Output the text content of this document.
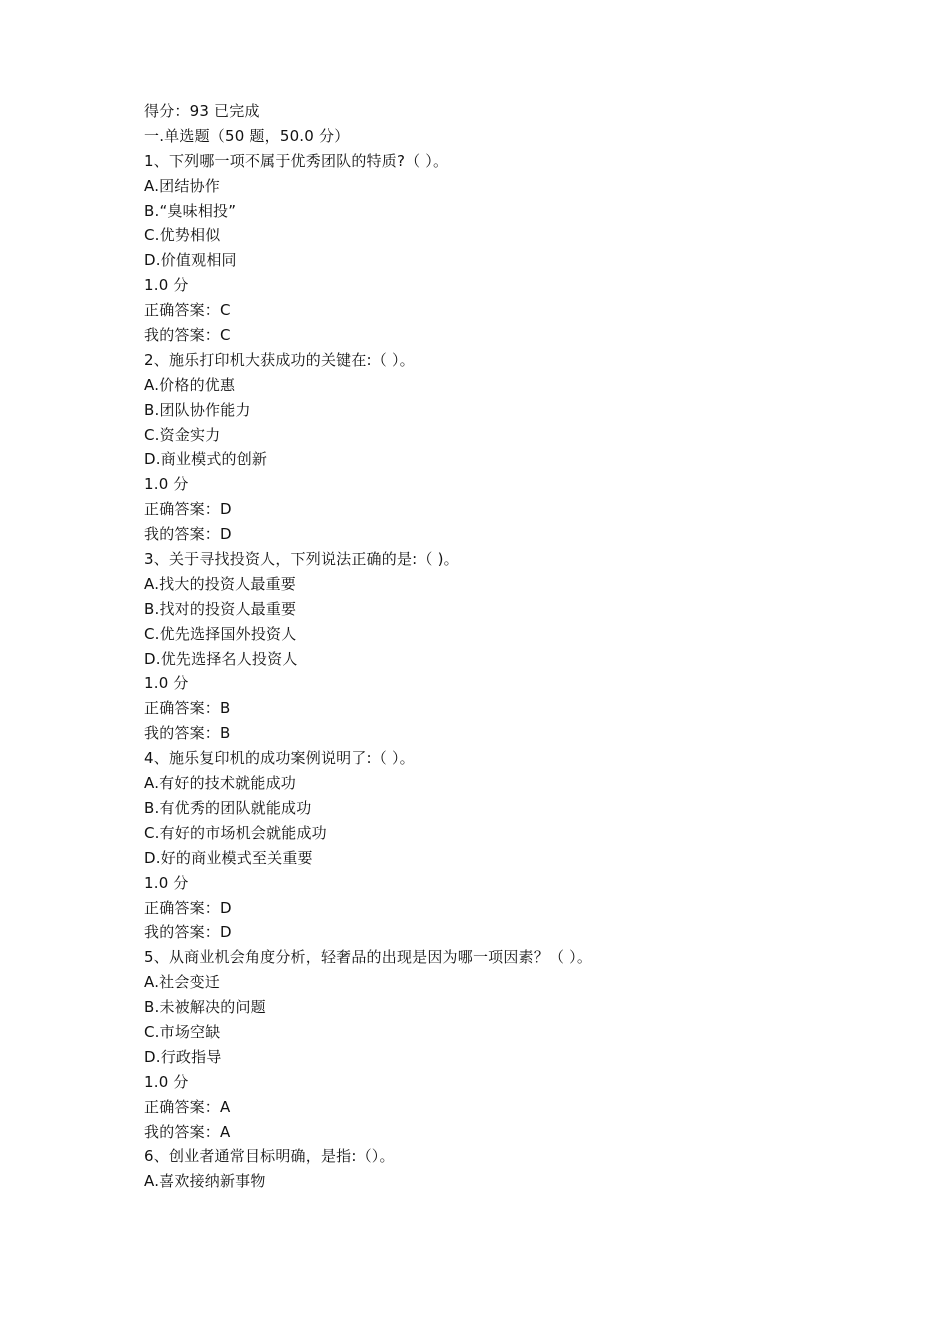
得分：93 已完成
一.单选题（50 题，50.0 分）
1、下列哪一项不属于优秀团队的特质?（ ）。
A.团结协作
B.“臭味相投”
C.优势相似
D.价值观相同
1.0 分
正确答案：C
我的答案：C
2、施乐打印机大获成功的关键在:（ ）。
A.价格的优惠
B.团队协作能力
C.资金实力
D.商业模式的创新
1.0 分
正确答案：D
我的答案：D
3、关于寻找投资人，下列说法正确的是:（ )。
A.找大的投资人最重要
B.找对的投资人最重要
C.优先选择国外投资人
D.优先选择名人投资人
1.0 分
正确答案：B
我的答案：B
4、施乐复印机的成功案例说明了:（ ）。
A.有好的技术就能成功
B.有优秀的团队就能成功
C.有好的市场机会就能成功
D.好的商业模式至关重要
1.0 分
正确答案：D
我的答案：D
5、从商业机会角度分析，轻奢品的出现是因为哪一项因素？（ ）。
A.社会变迁
B.未被解决的问题
C.市场空缺
D.行政指导
1.0 分
正确答案：A
我的答案：A
6、创业者通常目标明确，是指:（）。
A.喜欢接纳新事物
